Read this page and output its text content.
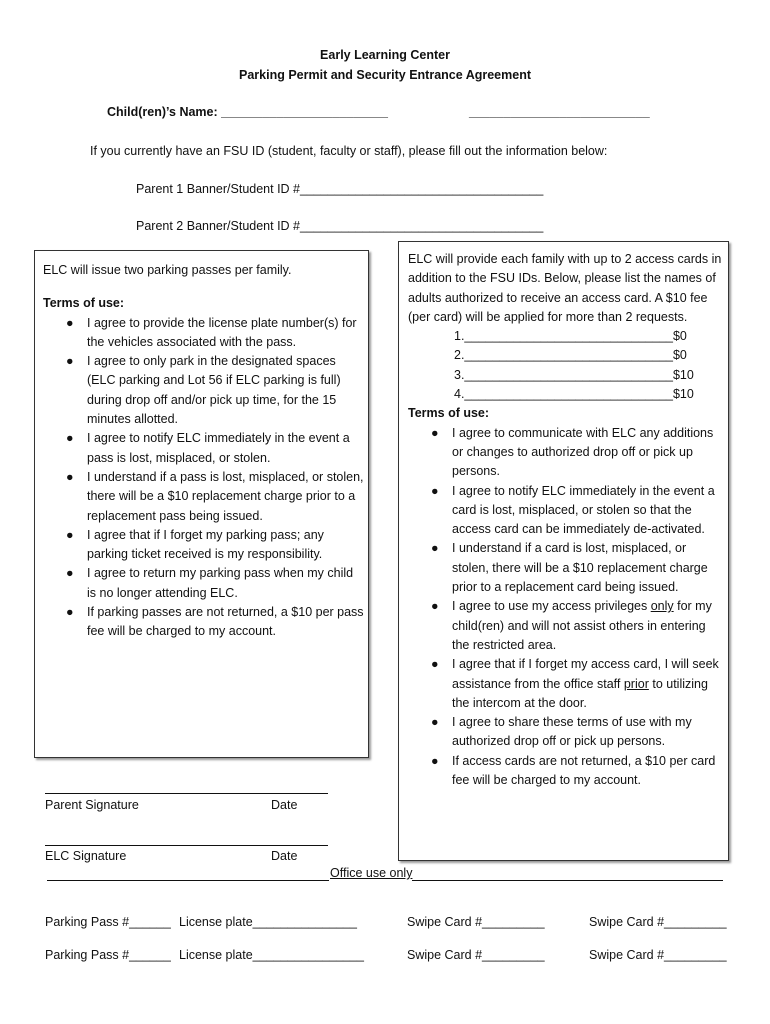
Early Learning Center
Parking Permit and Security Entrance Agreement
Child(ren)’s Name: ________________________	__________________________
If you currently have an FSU ID (student, faculty or staff), please fill out the information below:
Parent 1 Banner/Student ID #___________________________________
Parent 2 Banner/Student ID #___________________________________

ELC will issue two parking passes per family.

Terms of use:

● I agree to provide the license plate number(s) for the vehicles associated with the pass.
● I agree to only park in the designated spaces (ELC parking and Lot 56 if ELC parking is full) during drop off and/or pick up time, for the 15 minutes allotted.
● I agree to notify ELC immediately in the event a pass is lost, misplaced, or stolen.
● I understand if a pass is lost, misplaced, or stolen, there will be a $10 replacement charge prior to a replacement pass being issued.
● I agree that if I forget my parking pass; any parking ticket received is my responsibility.
● I agree to return my parking pass when my child is no longer attending ELC.
● If parking passes are not returned, a $10 per pass fee will be charged to my account.

ELC will provide each family with up to 2 access cards in addition to the FSU IDs. Below, please list the names of adults authorized to receive an access card. A $10 fee (per card) will be applied for more than 2 requests.

1.______________________________ $0
2.______________________________ $0
3.______________________________ $10
4.______________________________ $10

Terms of use:

● I agree to communicate with ELC any additions or changes to authorized drop off or pick up persons.
● I agree to notify ELC immediately in the event a card is lost, misplaced, or stolen so that the access card can be immediately de-activated.
● I understand if a card is lost, misplaced, or stolen, there will be a $10 replacement charge prior to a replacement card being issued.
● I agree to use my access privileges only for my child(ren) and will not assist others in entering the restricted area.
● I agree that if I forget my access card, I will seek assistance from the office staff prior to utilizing the intercom at the door.
● I agree to share these terms of use with my authorized drop off or pick up persons.
● If access cards are not returned, a $10 per card fee will be charged to my account.
Parent Signature	Date
ELC Signature	Date
Office use only
Parking Pass #______ License plate_______________	Swipe Card #_________	Swipe Card #_________
Parking Pass #______ License plate________________	Swipe Card #_________	Swipe Card #_________
